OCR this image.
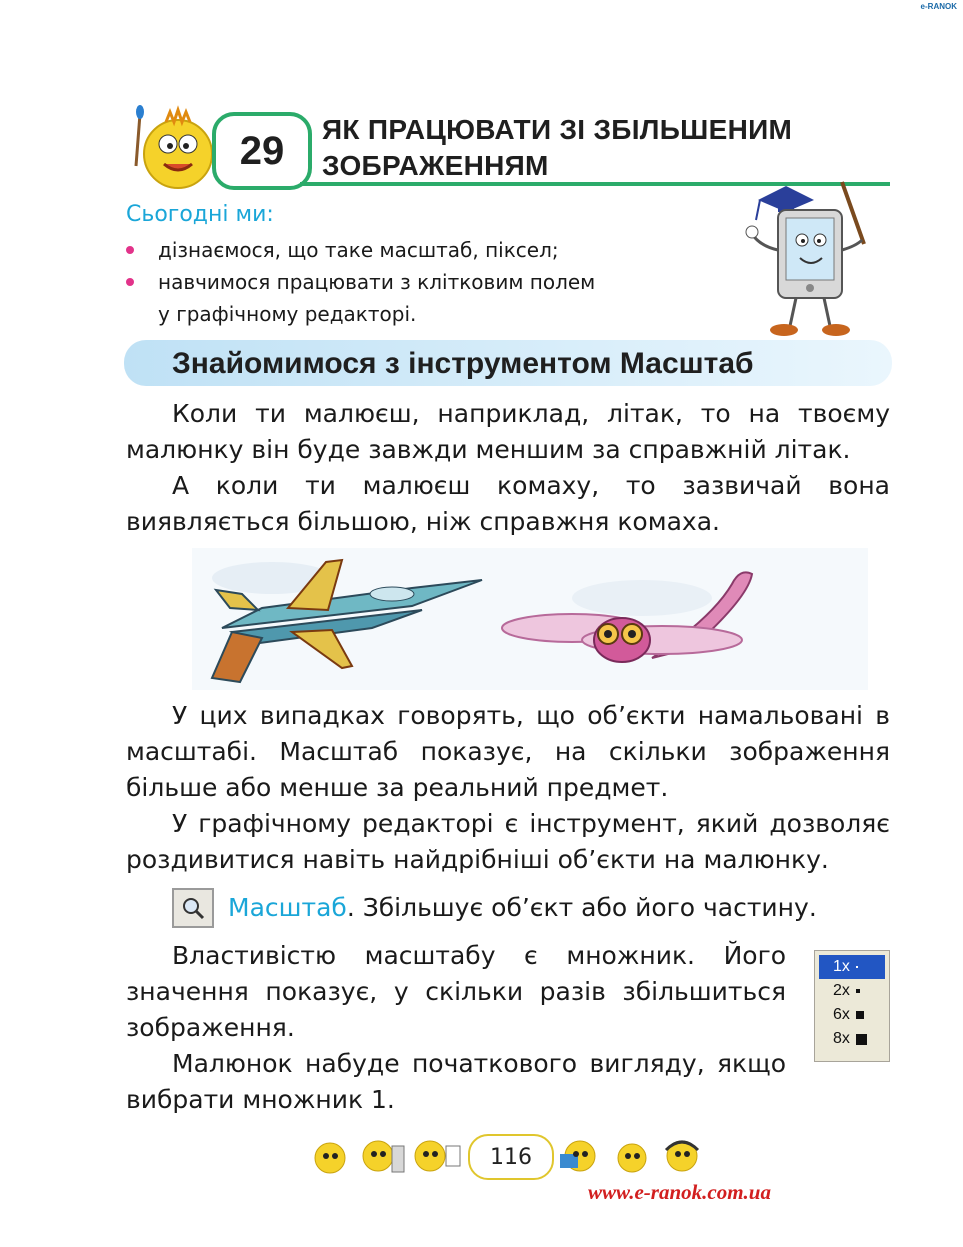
e-RANOK
29 ЯК ПРАЦЮВАТИ ЗІ ЗБІЛЬШЕНИМ
ЗОБРАЖЕННЯМ
Сьогодні ми:
дізнаємося, що таке масштаб, піксел;
навчимося працювати з клітковим полем
у графічному редакторі.
Знайомимося з інструментом Масштаб

Коли ти малюєш, наприклад, літак, то на твоєму малюнку він буде завжди меншим за справжній літак.

А коли ти малюєш комаху, то зазвичай вона виявляється більшою, ніж справжня комаха.

У цих випадках говорять, що об’єкти намальовані в масштабі. Масштаб показує, на скільки зображення більше або менше за реальний предмет.

У графічному редакторі є інструмент, який дозволяє роздивитися навіть найдрібніші об’єкти на малюнку.

Масштаб . Збільшує об’єкт або його частину.

Властивістю масштабу є множник. Його значення показує, у скільки разів збільшиться зображення.

Малюнок набуде початкового вигляду, якщо вибрати множник 1.

1x
2x
6x
8x
116
www.e-ranok.com.ua
